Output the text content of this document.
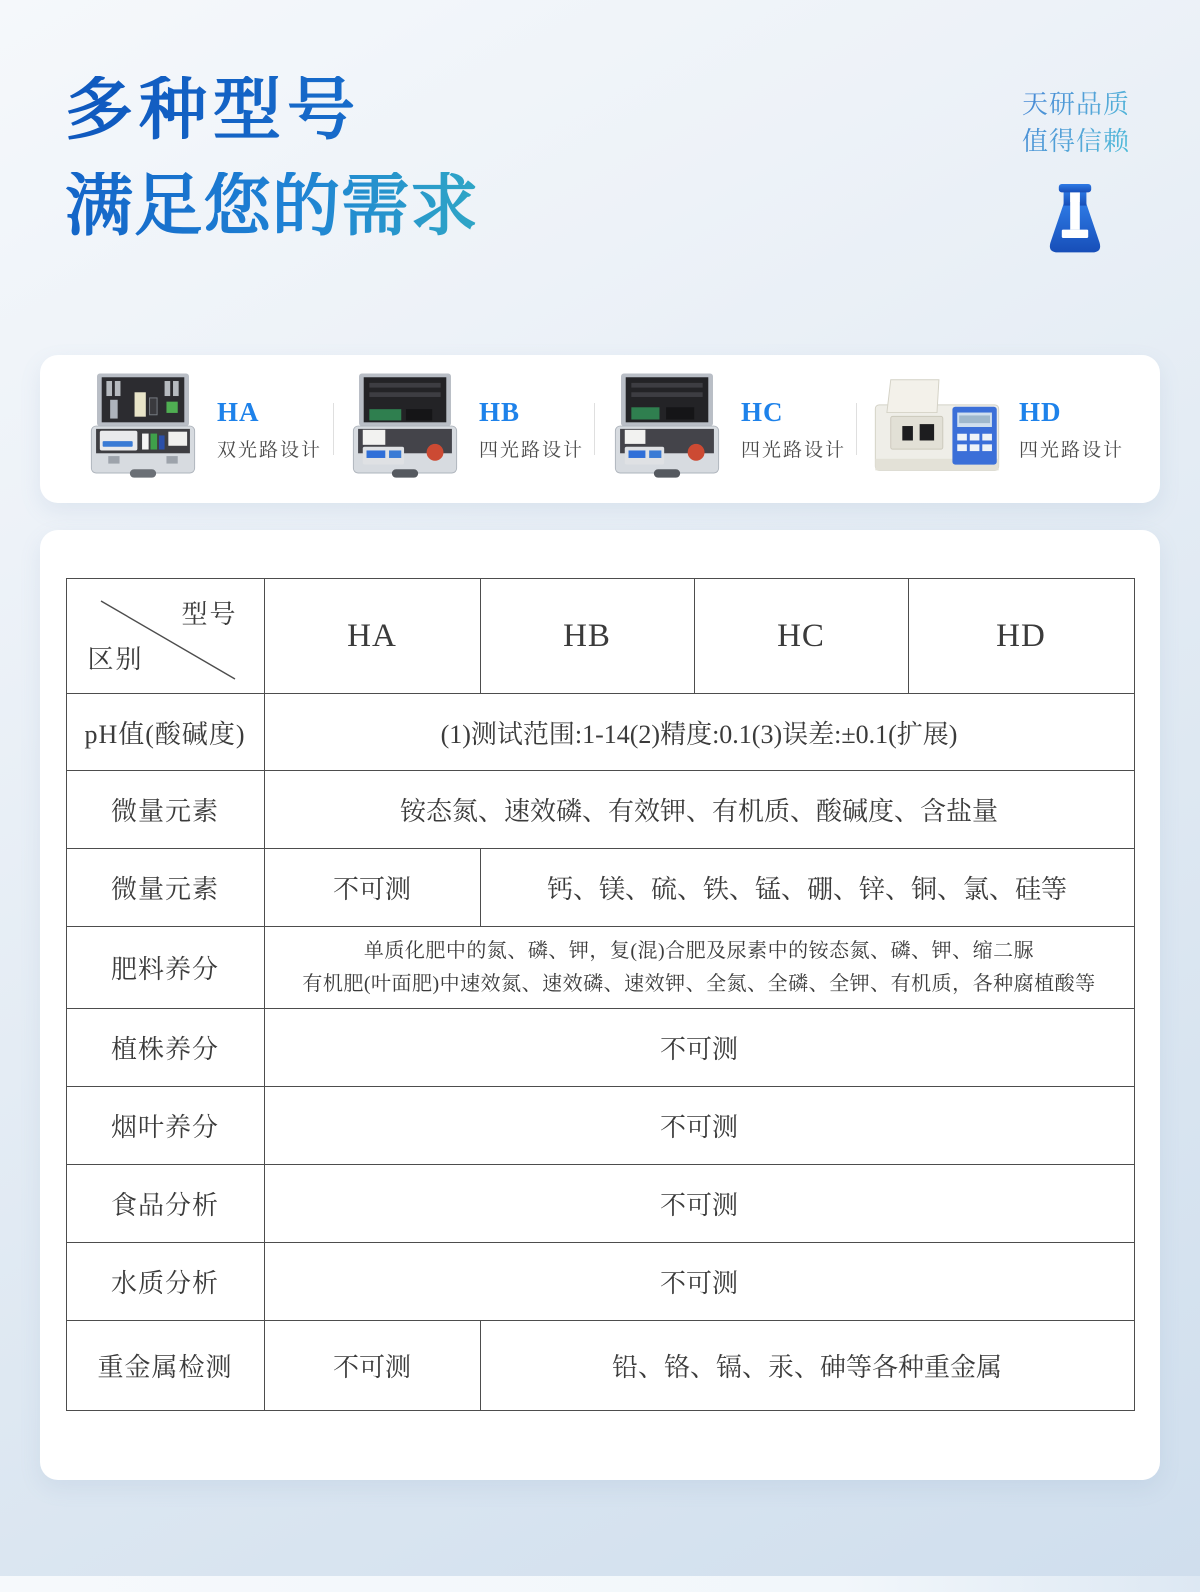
多种型号
满足您的需求
天研品质
值得信赖
HA
双光路设计
HB
四光路设计
HC
四光路设计
HD
四光路设计
型号
区别	HA	HB	HC	HD
pH值(酸碱度)	(1)测试范围:1-14(2)精度:0.1(3)误差:±0.1(扩展)			
微量元素	铵态氮、速效磷、有效钾、有机质、酸碱度、含盐量			
微量元素	不可测	钙、镁、硫、铁、锰、硼、锌、铜、氯、硅等		
肥料养分	单质化肥中的氮、磷、钾，复(混)合肥及尿素中的铵态氮、磷、钾、缩二脲
有机肥(叶面肥)中速效氮、速效磷、速效钾、全氮、全磷、全钾、有机质，各种腐植酸等			

植株养分	不可测			
烟叶养分	不可测			
食品分析	不可测			
水质分析	不可测			
重金属检测	不可测	铅、铬、镉、汞、砷等各种重金属		
